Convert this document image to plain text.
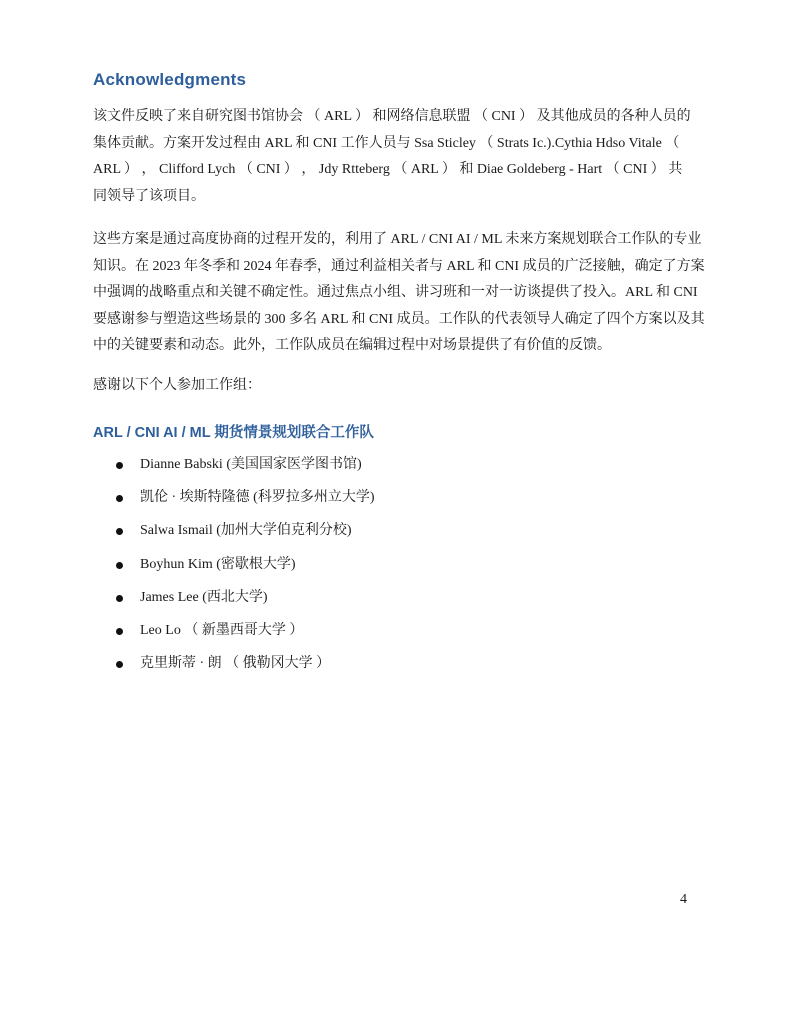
Acknowledgments

该文件反映了来自研究图书馆协会 （ ARL ） 和网络信息联盟 （ CNI ） 及其他成员的各种人员的
集体贡献。方案开发过程由 ARL 和 CNI 工作人员与 Ssa Sticley （ Strats Ic.).Cythia Hdso Vitale （
ARL ） ， Clifford Lych （ CNI ） ， Jdy Rtteberg （ ARL ） 和 Diae Goldeberg - Hart （ CNI ） 共
同领导了该项目。

这些方案是通过高度协商的过程开发的，利用了 ARL / CNI AI / ML 未来方案规划联合工作队的专业
知识。在 2023 年冬季和 2024 年春季，通过利益相关者与 ARL 和 CNI 成员的广泛接触，确定了方案
中强调的战略重点和关键不确定性。通过焦点小组、讲习班和一对一访谈提供了投入。ARL 和 CNI
要感谢参与塑造这些场景的 300 多名 ARL 和 CNI 成员。工作队的代表领导人确定了四个方案以及其
中的关键要素和动态。此外，工作队成员在编辑过程中对场景提供了有价值的反馈。

感谢以下个人参加工作组：

ARL / CNI AI / ML 期货情景规划联合工作队
Dianne Babski (美国国家医学图书馆)
凯伦 · 埃斯特隆德 (科罗拉多州立大学)
Salwa Ismail (加州大学伯克利分校)
Boyhun Kim (密歇根大学)
James Lee (西北大学)
Leo Lo （ 新墨西哥大学 ）
克里斯蒂 · 朗 （ 俄勒冈大学 ）
4
